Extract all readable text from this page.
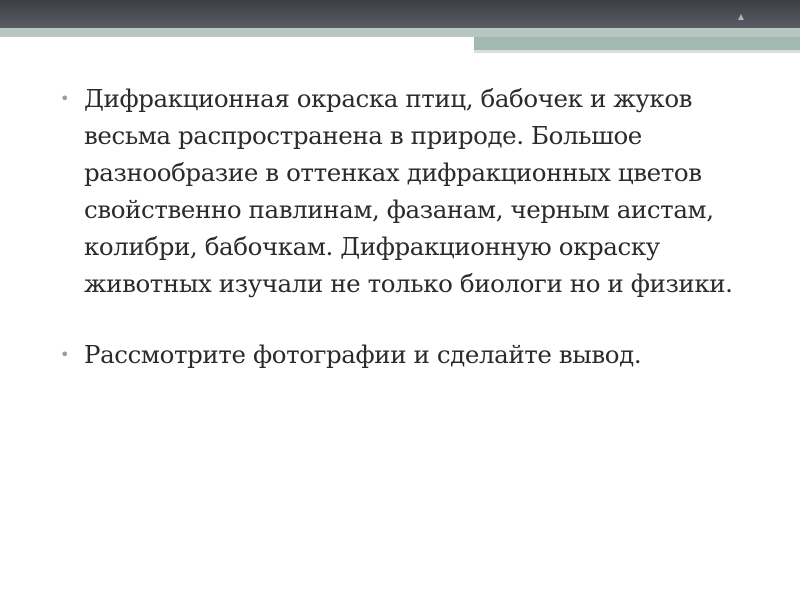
• Дифракционная окраска птиц, бабочек и жуков весьма распространена в природе. Большое разнообразие в оттенках дифракционных цветов свойственно павлинам, фазанам, черным аистам, колибри, бабочкам. Дифракционную окраску животных изучали не только биологи но и физики.
• Рассмотрите фотографии и сделайте вывод.
